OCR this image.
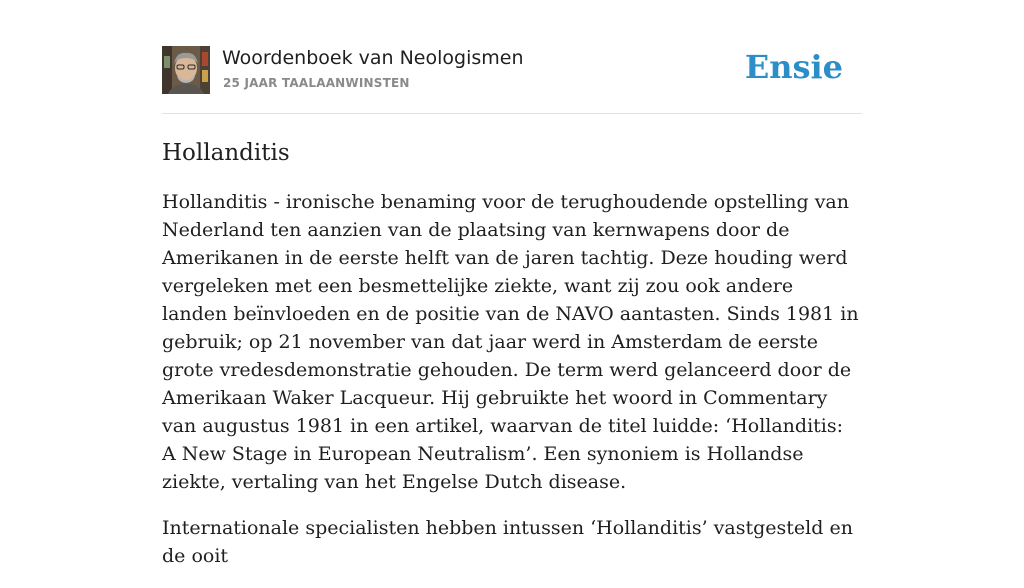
Woordenboek van Neologismen
25 JAAR TAALAANWINSTEN	Ensie
Hollanditis

Hollanditis - ironische benaming voor de terughoudende opstelling van Nederland ten aanzien van de plaatsing van kernwapens door de Amerikanen in de eerste helft van de jaren tachtig. Deze houding werd vergeleken met een besmettelijke ziekte, want zij zou ook andere landen beïnvloeden en de positie van de NAVO aantasten. Sinds 1981 in gebruik; op 21 november van dat jaar werd in Amsterdam de eerste grote vredesdemonstratie gehouden. De term werd gelanceerd door de Amerikaan Waker Lacqueur. Hij gebruikte het woord in Commentary van augustus 1981 in een artikel, waarvan de titel luidde: ‘Hollanditis: A New Stage in European Neutralism’. Een synoniem is Hollandse ziekte, vertaling van het Engelse Dutch disease.

Internationale specialisten hebben intussen ‘Hollanditis’ vastgesteld en de ooit
